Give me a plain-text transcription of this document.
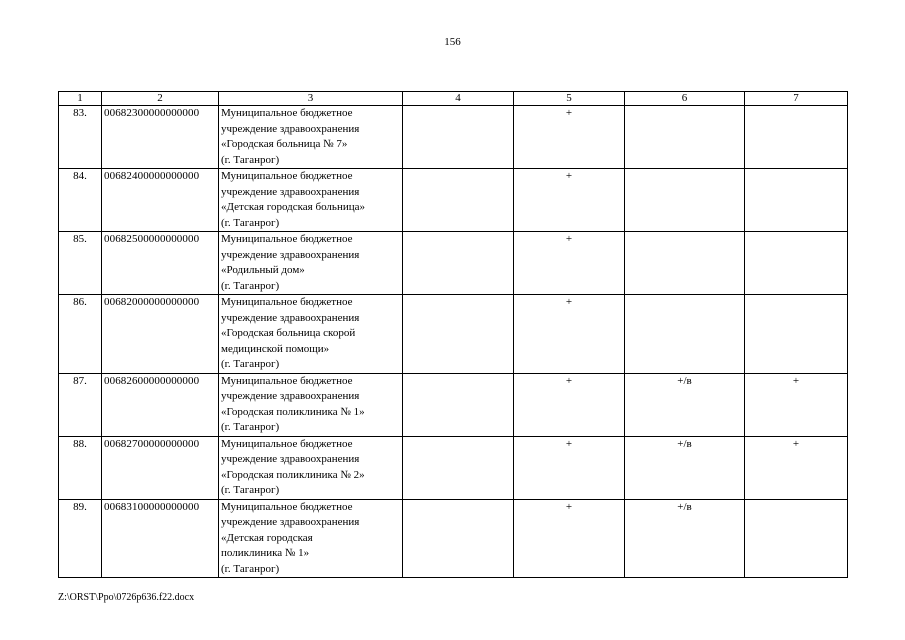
156
1	2	3	4	5	6	7
83.	00682300000000000	Муниципальное бюджетное
учреждение здравоохранения
«Городская больница № 7»
(г. Таганрог)		+		
84.	00682400000000000	Муниципальное бюджетное
учреждение здравоохранения
«Детская городская больница»
(г. Таганрог)		+		
85.	00682500000000000	Муниципальное бюджетное
учреждение здравоохранения
«Родильный дом»
(г. Таганрог)		+		
86.	00682000000000000	Муниципальное бюджетное
учреждение здравоохранения
«Городская больница скорой
медицинской помощи»
(г. Таганрог)		+		
87.	00682600000000000	Муниципальное бюджетное
учреждение здравоохранения
«Городская поликлиника № 1»
(г. Таганрог)		+	+/в	+
88.	00682700000000000	Муниципальное бюджетное
учреждение здравоохранения
«Городская поликлиника № 2»
(г. Таганрог)		+	+/в	+
89.	00683100000000000	Муниципальное бюджетное
учреждение здравоохранения
«Детская городская
поликлиника № 1»
(г. Таганрог)		+	+/в	
Z:\ORST\Ppo\0726p636.f22.docx
